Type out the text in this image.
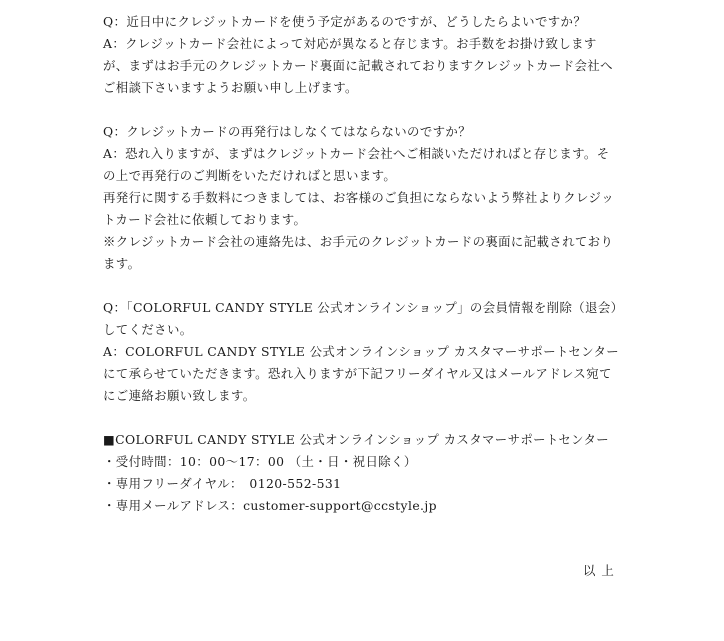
Q：近日中にクレジットカードを使う予定があるのですが、どうしたらよいですか？
A：クレジットカード会社によって対応が異なると存じます。お手数をお掛け致します
が、まずはお手元のクレジットカード裏面に記載されておりますクレジットカード会社へ
ご相談下さいますようお願い申し上げます。
Q：クレジットカードの再発行はしなくてはならないのですか？
A：恐れ入りますが、まずはクレジットカード会社へご相談いただければと存じます。そ
の上で再発行のご判断をいただければと思います。
再発行に関する手数料につきましては、お客様のご負担にならないよう弊社よりクレジッ
トカード会社に依頼しております。
※クレジットカード会社の連絡先は、お手元のクレジットカードの裏面に記載されており
ます。
Q：「COLORFUL CANDY STYLE 公式オンラインショップ」の会員情報を削除（退会）
してください。
A：COLORFUL CANDY STYLE 公式オンラインショップ カスタマーサポートセンター
にて承らせていただきます。恐れ入りますが下記フリーダイヤル又はメールアドレス宛て
にご連絡お願い致します。
■COLORFUL CANDY STYLE 公式オンラインショップ カスタマーサポートセンター
・受付時間：10：00～17：00 （土・日・祝日除く）
・専用フリーダイヤル：　0120-552-531
・専用メールアドレス：customer-support@ccstyle.jp
以上
